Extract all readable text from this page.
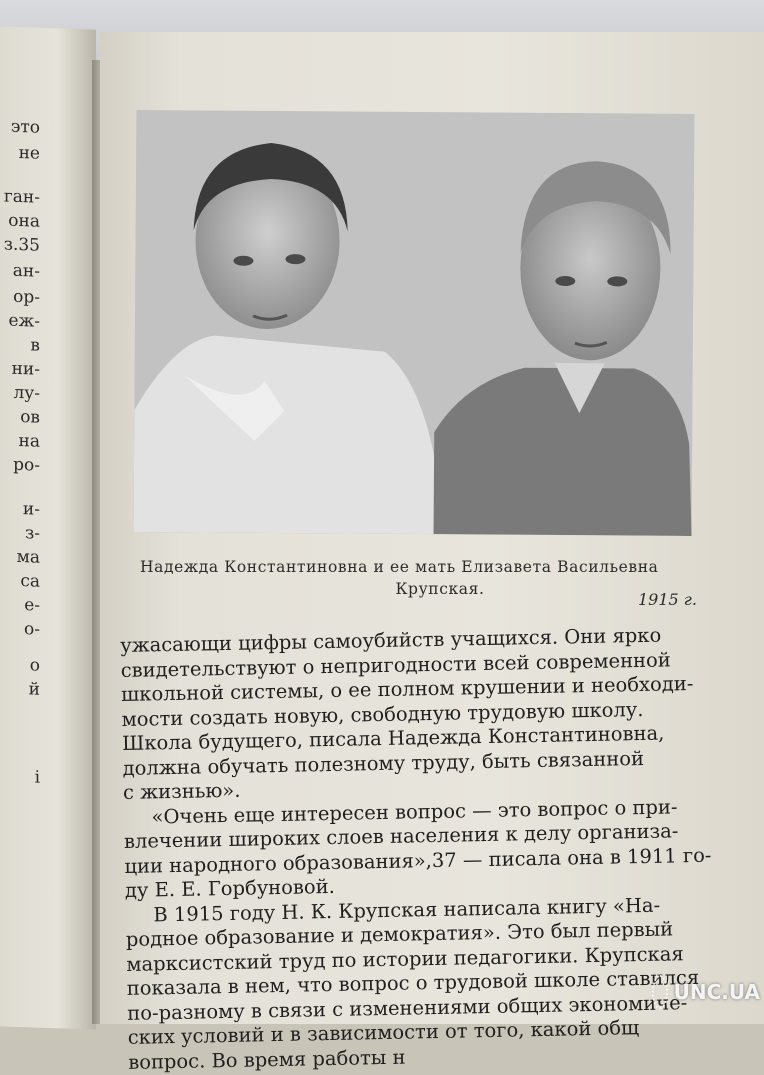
это
не
ган-
она
з.35
ан-
ор-
еж-
в
ни-
лу-
ов
на
ро-
и-
з-
ма
са
е-
о-
о
й
i
Надежда Константиновна и ее мать Елизавета Васильевна
Крупская.
1915 г.
ужасающи цифры самоубийств учащихся. Они ярко
свидетельствуют о непригодности всей современной
школьной системы, о ее полном крушении и необходи-
мости создать новую, свободную трудовую школу.
Школа будущего, писала Надежда Константиновна,
должна обучать полезному труду, быть связанной
с жизнью».
«Очень еще интересен вопрос — это вопрос о при-
влечении широких слоев населения к делу организа-
ции народного образования»,37 — писала она в 1911 го-
ду Е. Е. Горбуновой.
В 1915 году Н. К. Крупская написала книгу «На-
родное образование и демократия». Это был первый
марксистский труд по истории педагогики. Крупская
показала в нем, что вопрос о трудовой школе ставился
по-разному в связи с изменениями общих экономиче-
ских условий и в зависимости от того, какой общ
вопрос. Во время работы н
UNC.UA
